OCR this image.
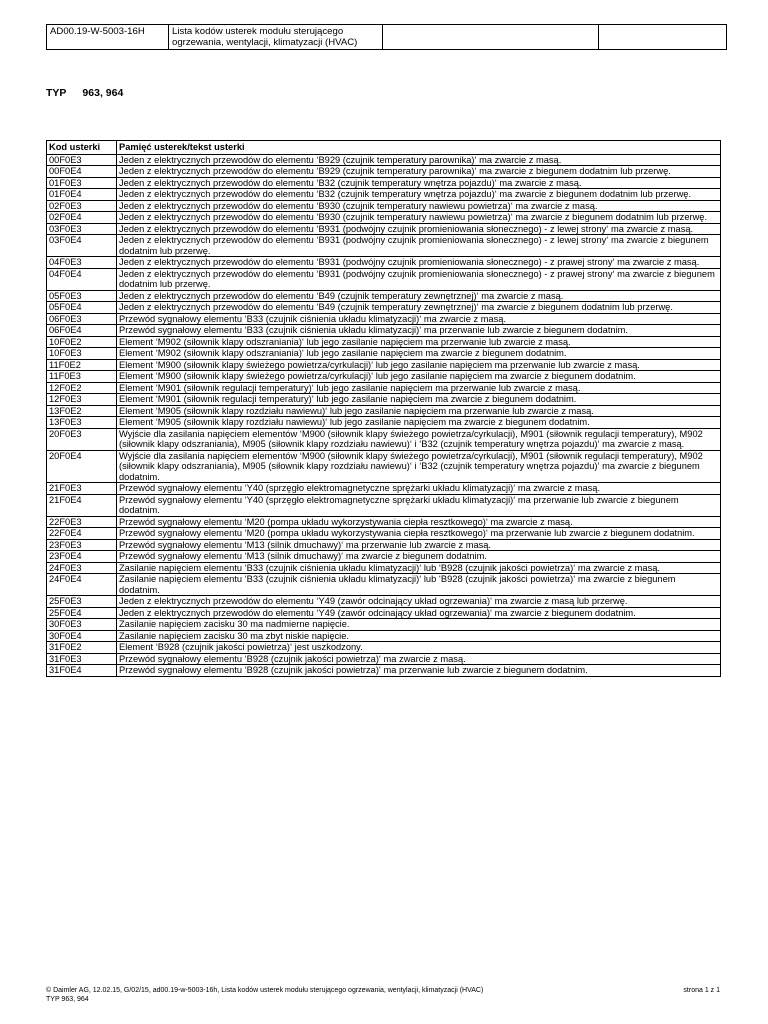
AD00.19-W-5003-16H	Lista kodów usterek modułu sterującego ogrzewania, wentylacji, klimatyzacji (HVAC)		
TYP 963, 964
Kod usterki	Pamięć usterek/tekst usterki
00F0E3	Jeden z elektrycznych przewodów do elementu ‘B929 (czujnik temperatury parownika)‘ ma zwarcie z masą.
00F0E4	Jeden z elektrycznych przewodów do elementu ‘B929 (czujnik temperatury parownika)‘ ma zwarcie z biegunem dodatnim lub przerwę.
01F0E3	Jeden z elektrycznych przewodów do elementu ‘B32 (czujnik temperatury wnętrza pojazdu)‘ ma zwarcie z masą.
01F0E4	Jeden z elektrycznych przewodów do elementu ‘B32 (czujnik temperatury wnętrza pojazdu)‘ ma zwarcie z biegunem dodatnim lub przerwę.
02F0E3	Jeden z elektrycznych przewodów do elementu ‘B930 (czujnik temperatury nawiewu powietrza)‘ ma zwarcie z masą.
02F0E4	Jeden z elektrycznych przewodów do elementu ‘B930 (czujnik temperatury nawiewu powietrza)‘ ma zwarcie z biegunem dodatnim lub przerwę.
03F0E3	Jeden z elektrycznych przewodów do elementu ‘B931 (podwójny czujnik promieniowania słonecznego) - z lewej strony‘ ma zwarcie z masą.
03F0E4	Jeden z elektrycznych przewodów do elementu ‘B931 (podwójny czujnik promieniowania słonecznego) - z lewej strony‘ ma zwarcie z biegunem dodatnim lub przerwę.
04F0E3	Jeden z elektrycznych przewodów do elementu ‘B931 (podwójny czujnik promieniowania słonecznego) - z prawej strony‘ ma zwarcie z masą.
04F0E4	Jeden z elektrycznych przewodów do elementu ‘B931 (podwójny czujnik promieniowania słonecznego) - z prawej strony‘ ma zwarcie z biegunem dodatnim lub przerwę.
05F0E3	Jeden z elektrycznych przewodów do elementu ‘B49 (czujnik temperatury zewnętrznej)‘ ma zwarcie z masą.
05F0E4	Jeden z elektrycznych przewodów do elementu ‘B49 (czujnik temperatury zewnętrznej)‘ ma zwarcie z biegunem dodatnim lub przerwę.
06F0E3	Przewód sygnałowy elementu ‘B33 (czujnik ciśnienia układu klimatyzacji)‘ ma zwarcie z masą.
06F0E4	Przewód sygnałowy elementu ‘B33 (czujnik ciśnienia układu klimatyzacji)‘ ma przerwanie lub zwarcie z biegunem dodatnim.
10F0E2	Element ‘M902 (siłownik klapy odszraniania)‘ lub jego zasilanie napięciem ma przerwanie lub zwarcie z masą.
10F0E3	Element ‘M902 (siłownik klapy odszraniania)‘ lub jego zasilanie napięciem ma zwarcie z biegunem dodatnim.
11F0E2	Element ‘M900 (siłownik klapy świeżego powietrza/cyrkulacji)‘ lub jego zasilanie napięciem ma przerwanie lub zwarcie z masą.
11F0E3	Element ‘M900 (siłownik klapy świeżego powietrza/cyrkulacji)‘ lub jego zasilanie napięciem ma zwarcie z biegunem dodatnim.
12F0E2	Element ‘M901 (siłownik regulacji temperatury)‘ lub jego zasilanie napięciem ma przerwanie lub zwarcie z masą.
12F0E3	Element ‘M901 (siłownik regulacji temperatury)‘ lub jego zasilanie napięciem ma zwarcie z biegunem dodatnim.
13F0E2	Element ‘M905 (siłownik klapy rozdziału nawiewu)‘ lub jego zasilanie napięciem ma przerwanie lub zwarcie z masą.
13F0E3	Element ‘M905 (siłownik klapy rozdziału nawiewu)‘ lub jego zasilanie napięciem ma zwarcie z biegunem dodatnim.
20F0E3	Wyjście dla zasilania napięciem elementów ‘M900 (siłownik klapy świeżego powietrza/cyrkulacji), M901 (siłownik regulacji temperatury), M902 (siłownik klapy odszraniania), M905 (siłownik klapy rozdziału nawiewu)‘ i ‘B32 (czujnik temperatury wnętrza pojazdu)‘ ma zwarcie z masą.
20F0E4	Wyjście dla zasilania napięciem elementów ‘M900 (siłownik klapy świeżego powietrza/cyrkulacji), M901 (siłownik regulacji temperatury), M902 (siłownik klapy odszraniania), M905 (siłownik klapy rozdziału nawiewu)‘ i ‘B32 (czujnik temperatury wnętrza pojazdu)‘ ma zwarcie z biegunem dodatnim.
21F0E3	Przewód sygnałowy elementu ‘Y40 (sprzęgło elektromagnetyczne sprężarki układu klimatyzacji)‘ ma zwarcie z masą.
21F0E4	Przewód sygnałowy elementu ‘Y40 (sprzęgło elektromagnetyczne sprężarki układu klimatyzacji)‘ ma przerwanie lub zwarcie z biegunem dodatnim.
22F0E3	Przewód sygnałowy elementu ‘M20 (pompa układu wykorzystywania ciepła resztkowego)‘ ma zwarcie z masą.
22F0E4	Przewód sygnałowy elementu ‘M20 (pompa układu wykorzystywania ciepła resztkowego)‘ ma przerwanie lub zwarcie z biegunem dodatnim.
23F0E3	Przewód sygnałowy elementu ‘M13 (silnik dmuchawy)‘ ma przerwanie lub zwarcie z masą.
23F0E4	Przewód sygnałowy elementu ‘M13 (silnik dmuchawy)‘ ma zwarcie z biegunem dodatnim.
24F0E3	Zasilanie napięciem elementu ‘B33 (czujnik ciśnienia układu klimatyzacji)‘ lub ‘B928 (czujnik jakości powietrza)‘ ma zwarcie z masą.
24F0E4	Zasilanie napięciem elementu ‘B33 (czujnik ciśnienia układu klimatyzacji)‘ lub ‘B928 (czujnik jakości powietrza)‘ ma zwarcie z biegunem dodatnim.
25F0E3	Jeden z elektrycznych przewodów do elementu ‘Y49 (zawór odcinający układ ogrzewania)‘ ma zwarcie z masą lub przerwę.
25F0E4	Jeden z elektrycznych przewodów do elementu ‘Y49 (zawór odcinający układ ogrzewania)‘ ma zwarcie z biegunem dodatnim.
30F0E3	Zasilanie napięciem zacisku 30 ma nadmierne napięcie.
30F0E4	Zasilanie napięciem zacisku 30 ma zbyt niskie napięcie.
31F0E2	Element ‘B928 (czujnik jakości powietrza)‘ jest uszkodzony.
31F0E3	Przewód sygnałowy elementu ‘B928 (czujnik jakości powietrza)‘ ma zwarcie z masą.
31F0E4	Przewód sygnałowy elementu ‘B928 (czujnik jakości powietrza)‘ ma przerwanie lub zwarcie z biegunem dodatnim.
© Daimler AG, 12.02.15, G/02/15, ad00.19-w-5003-16h, Lista kodów usterek modułu sterującego ogrzewania, wentylacji, klimatyzacji (HVAC)
TYP 963, 964
strona 1 z 1
